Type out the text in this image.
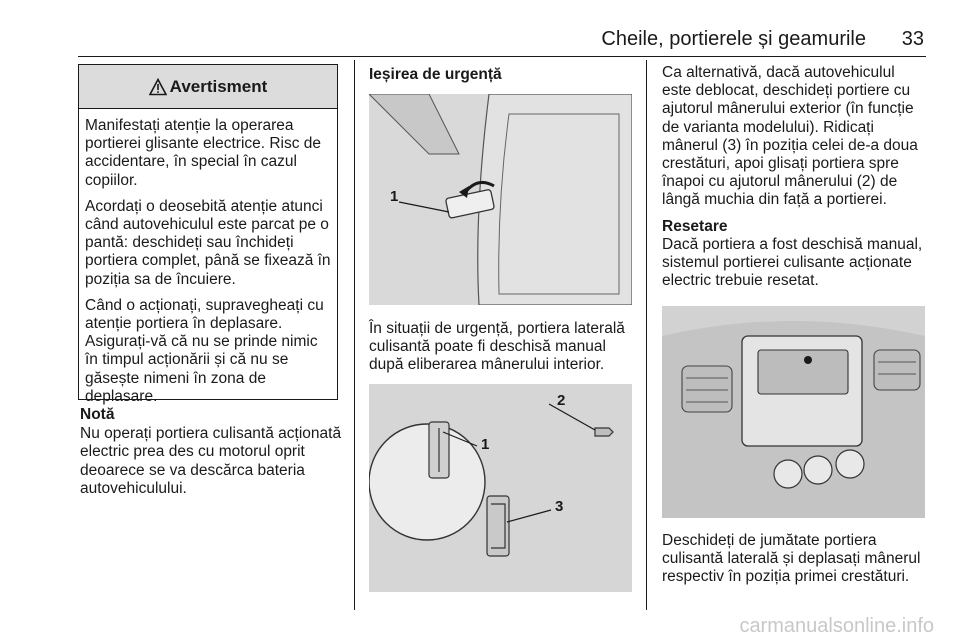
Cheile, portierele și geamurile 33
Avertisment

Manifestați atenție la operarea portierei glisante electrice. Risc de accidentare, în special în cazul copiilor.

Acordați o deosebită atenție atunci când autovehiculul este parcat pe o pantă: deschideți sau închideți portiera complet, până se fixează în poziția sa de încuiere.

Când o acționați, supravegheați cu atenție portiera în deplasare. Asigurați-vă că nu se prinde nimic în timpul acționării și că nu se găsește nimeni în zona de deplasare.

Notă
Nu operați portiera culisantă acționată electric prea des cu motorul oprit deoarece se va descărca bateria autovehiculului.
Ieșirea de urgență
1

În situații de urgență, portiera laterală culisantă poate fi deschisă manual după eliberarea mânerului interior.

1
2
3

Ca alternativă, dacă autovehiculul este deblocat, deschideți portiere cu ajutorul mânerului exterior (în funcție de varianta modelului). Ridicați mânerul (3) în poziția celei de-a doua crestături, apoi glisați portiera spre înapoi cu ajutorul mânerului (2) de lângă muchia din față a portierei.

Resetare

Dacă portiera a fost deschisă manual, sistemul portierei culisante acționate electric trebuie resetat.

Deschideți de jumătate portiera culisantă laterală și deplasați mânerul respectiv în poziția primei crestături.

carmanualsonline.info
